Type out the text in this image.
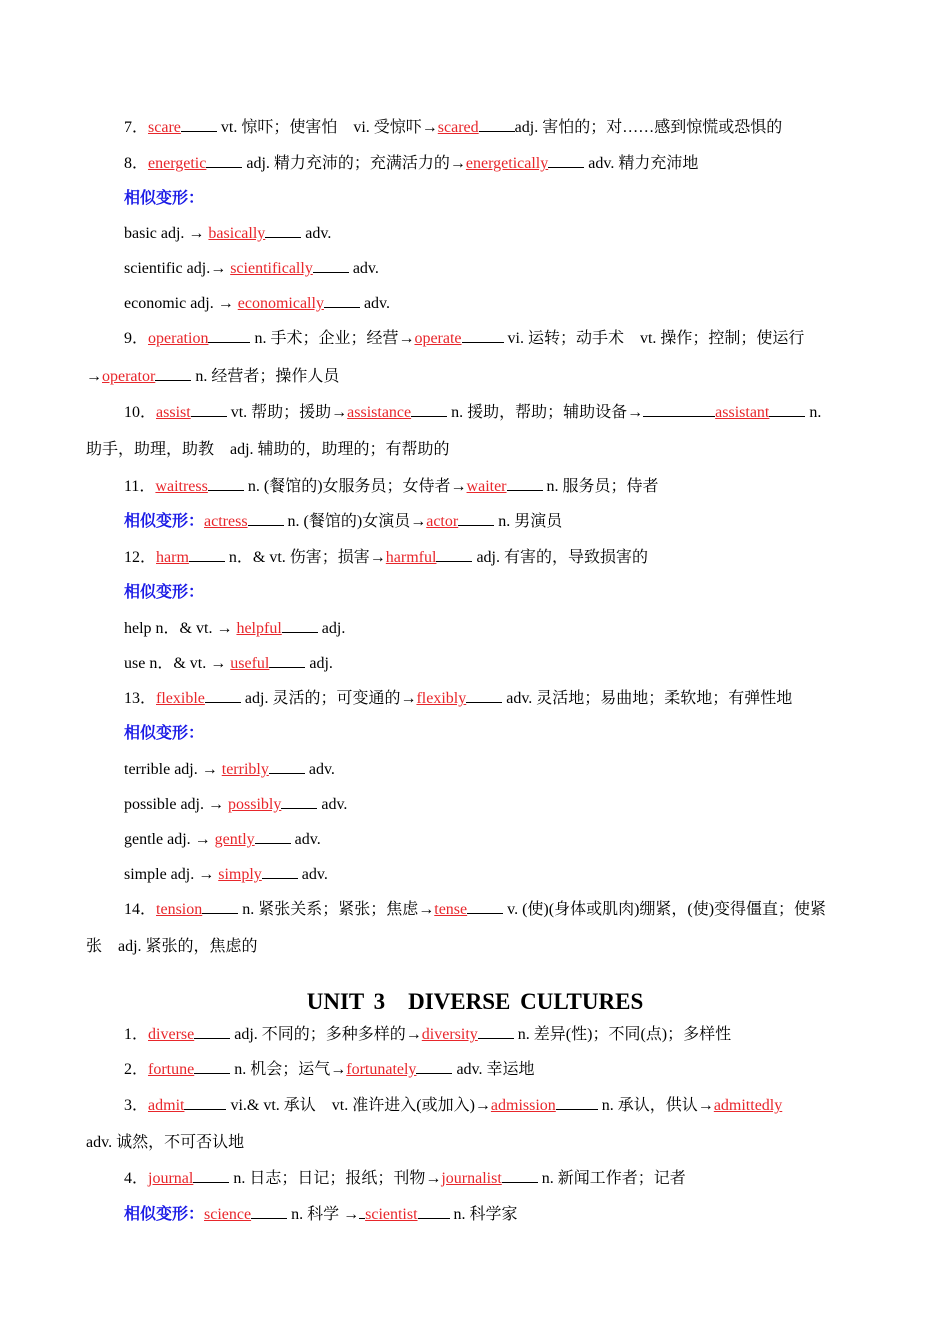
7．scare vt. 惊吓；使害怕　vi. 受惊吓→scared adj. 害怕的；对……感到惊慌或恐惧的
8．energetic adj. 精力充沛的；充满活力的→energetically adv. 精力充沛地
相似变形：
basic adj. → basically adv.
scientific adj.→ scientifically adv.
economic adj. → economically adv.
9．operation	n. 手术；企业；经营→operate	vi. 运转；动手术　vt. 操作；控制；使运行
→operator n. 经营者；操作人员
10．assist vt. 帮助；援助→assistance n. 援助，帮助；辅助设备→	assistant n.
助手，助理，助教　adj. 辅助的，助理的；有帮助的
11．waitress n. (餐馆的)女服务员；女侍者→waiter n. 服务员；侍者
相似变形：actress n. (餐馆的)女演员→actor n. 男演员
12．harm n．& vt. 伤害；损害→harmful adj. 有害的，导致损害的
相似变形：
help n．& vt. → helpful adj.
use n．& vt. → useful adj.
13．flexible adj. 灵活的；可变通的→flexibly adv. 灵活地；易曲地；柔软地；有弹性地
相似变形：
terrible adj. → terribly adv.
possible adj. → possibly adv.
gentle adj. → gently adv.
simple adj. → simply adv.
14．tension n. 紧张关系；紧张；焦虑→tense v. (使)(身体或肌肉)绷紧，(使)变得僵直；使紧
张　adj. 紧张的，焦虑的
UNIT 3　DIVERSE CULTURES
1．diverse adj. 不同的；多种多样的→diversity n. 差异(性)；不同(点)；多样性
2．fortune n. 机会；运气→fortunately adv. 幸运地
3．admit	vi.& vt. 承认　vt. 准许进入(或加入)→admission	n. 承认，供认→admittedly
adv. 诚然，不可否认地
4．journal n. 日志；日记；报纸；刊物→journalist n. 新闻工作者；记者
相似变形：science n. 科学 → scientist n. 科学家
